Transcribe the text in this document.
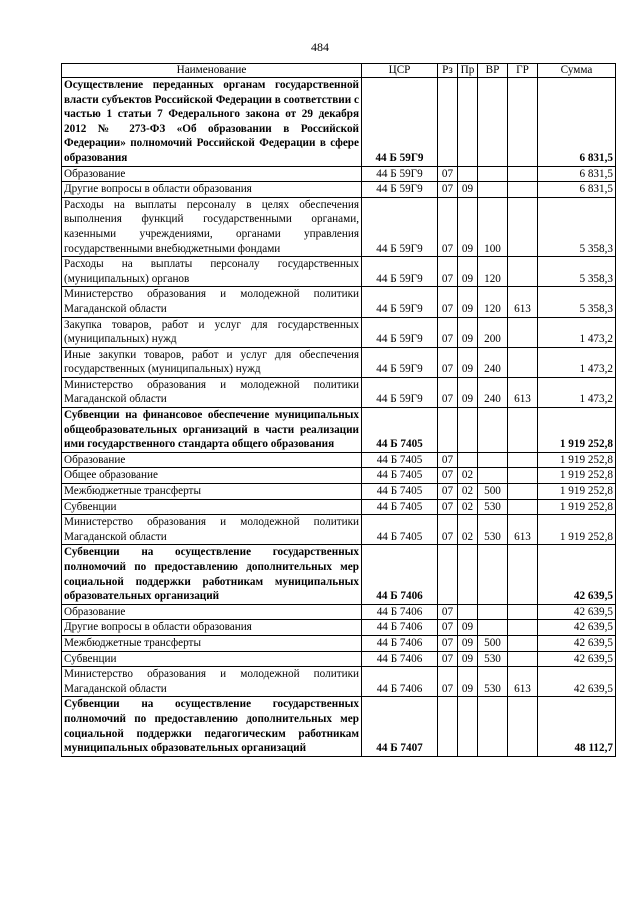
484
Наименование	ЦСР	Рз	Пр	ВР	ГР	Сумма
Осуществление переданных органам государственной власти субъектов Российской Федерации в соответствии с частью 1 статьи 7 Федерального закона от 29 декабря 2012 № 273-ФЗ «Об образовании в Российской Федерации» полномочий Российской Федерации в сфере образования	44 Б 59Г9					6 831,5
Образование	44 Б 59Г9	07				6 831,5
Другие вопросы в области образования	44 Б 59Г9	07	09			6 831,5
Расходы на выплаты персоналу в целях обеспечения выполнения функций государственными органами, казенными учреждениями, органами управления государственными внебюджетными фондами	44 Б 59Г9	07	09	100		5 358,3
Расходы на выплаты персоналу государственных (муниципальных) органов	44 Б 59Г9	07	09	120		5 358,3
Министерство образования и молодежной политики Магаданской области	44 Б 59Г9	07	09	120	613	5 358,3
Закупка товаров, работ и услуг для государственных (муниципальных) нужд	44 Б 59Г9	07	09	200		1 473,2
Иные закупки товаров, работ и услуг для обеспечения государственных (муниципальных) нужд	44 Б 59Г9	07	09	240		1 473,2
Министерство образования и молодежной политики Магаданской области	44 Б 59Г9	07	09	240	613	1 473,2
Субвенции на финансовое обеспечение муниципальных общеобразовательных организаций в части реализации ими государственного стандарта общего образования	44 Б 7405					1 919 252,8
Образование	44 Б 7405	07				1 919 252,8
Общее образование	44 Б 7405	07	02			1 919 252,8
Межбюджетные трансферты	44 Б 7405	07	02	500		1 919 252,8
Субвенции	44 Б 7405	07	02	530		1 919 252,8
Министерство образования и молодежной политики Магаданской области	44 Б 7405	07	02	530	613	1 919 252,8
Субвенции на осуществление государственных полномочий по предоставлению дополнительных мер социальной поддержки работникам муниципальных образовательных организаций	44 Б 7406					42 639,5
Образование	44 Б 7406	07				42 639,5
Другие вопросы в области образования	44 Б 7406	07	09			42 639,5
Межбюджетные трансферты	44 Б 7406	07	09	500		42 639,5
Субвенции	44 Б 7406	07	09	530		42 639,5
Министерство образования и молодежной политики Магаданской области	44 Б 7406	07	09	530	613	42 639,5
Субвенции на осуществление государственных полномочий по предоставлению дополнительных мер социальной поддержки педагогическим работникам муниципальных образовательных организаций	44 Б 7407					48 112,7
